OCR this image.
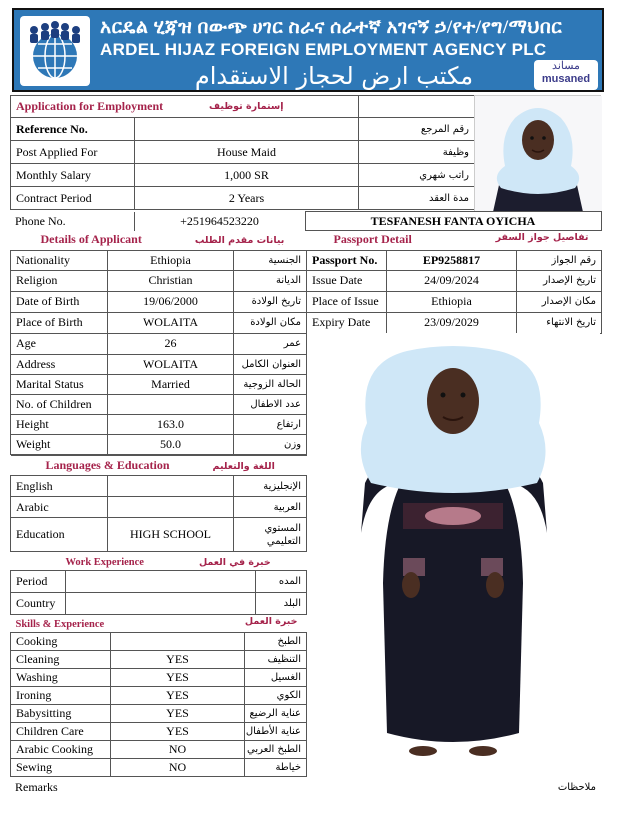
አርዴል ሂጃዝ በውጭ ሀገር ስራና ሰራተኛ አገናኝ ኃ/የተ/የግ/ማህበር
ARDEL HIJAZ FOREIGN EMPLOYMENT AGENCY PLC
مكتب ارض لحجاز الاستقدام	مساند
musaned
Application for Employment	إستمارة توظيف	
Reference No.		رقم المرجع
Post Applied For	House Maid	وظيفة
Monthly Salary	1,000 SR	راتب شهري
Contract Period	2 Years	مدة العقد
Phone No.	+251964523220	TESFANESH FANTA OYICHA
Details of Applicant بيانات مقدم الطلب		
Nationality	Ethiopia	الجنسية
Religion	Christian	الديانة
Date of Birth	19/06/2000	تاريخ الولادة
Place of Birth	WOLAITA	مكان الولادة
Age	26	عمر
Address	WOLAITA	العنوان الكامل
Marital Status	Married	الحالة الزوجية
No. of Children		عدد الاطفال
Height	163.0	ارتفاع
Weight	50.0	وزن
Passport Detail تفاصيل جواز السفر		

Passport No.	EP9258817	رقم الجواز
Issue Date	24/09/2024	تاريخ الإصدار
Place of Issue	Ethiopia	مكان الإصدار
Expiry Date	23/09/2029	تاريخ الانتهاء
Languages & Education اللغة والتعليم		
English		الإنجليزية
Arabic		العربية
Education	HIGH SCHOOL	المستوي التعليمي
Work Experience خبرة في العمل		
Period		المده
Country		البلد
Skills & Experience خبرة العمل		

Cooking		الطبخ
Cleaning	YES	التنظيف
Washing	YES	الغسيل
Ironing	YES	الكوي
Babysitting	YES	عناية الرضيع
Children Care	YES	عناية الأطفال
Arabic Cooking	NO	الطبخ العربي
Sewing	NO	خياطة
Remarks	ملاحظات
